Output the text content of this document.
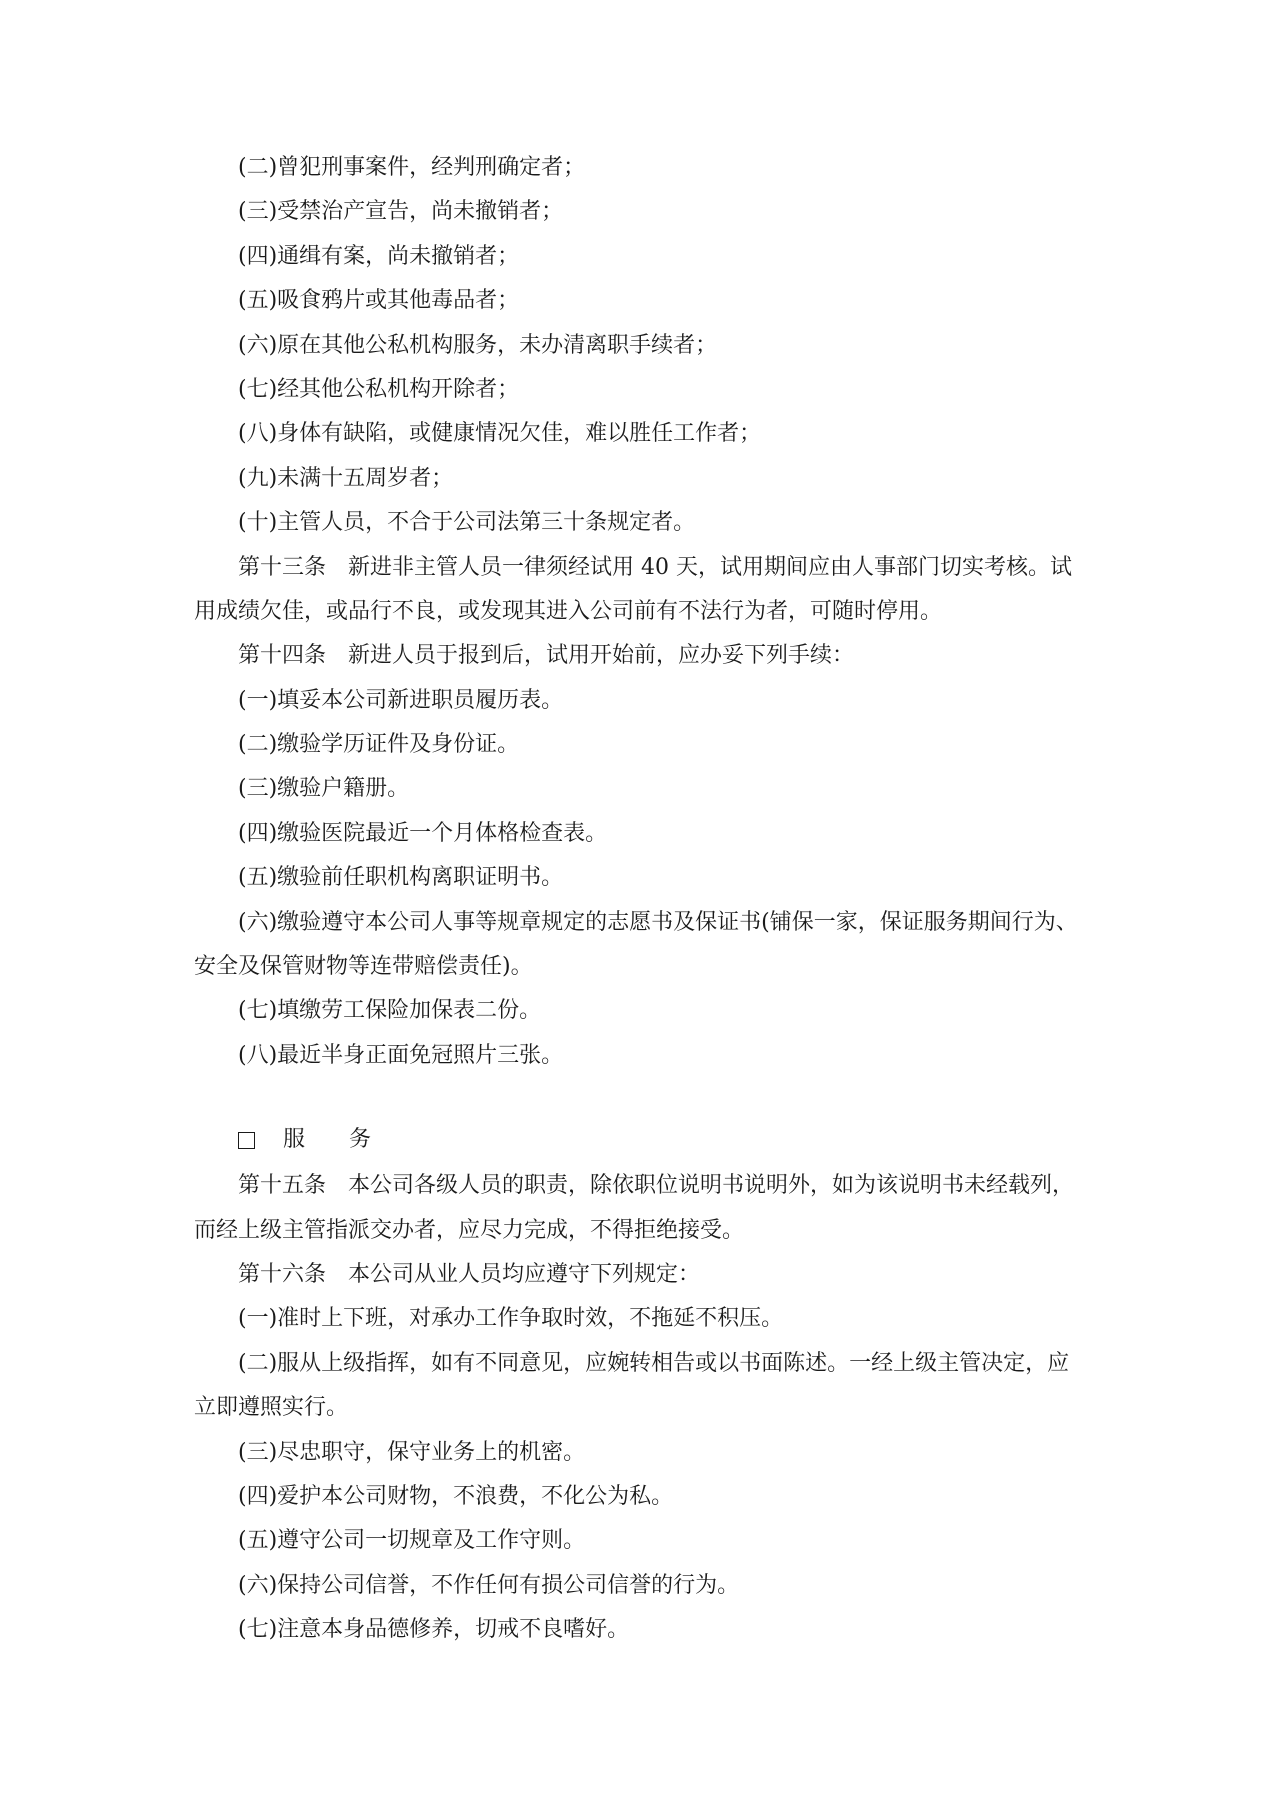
(二)曾犯刑事案件，经判刑确定者；
(三)受禁治产宣告，尚未撤销者；
(四)通缉有案，尚未撤销者；
(五)吸食鸦片或其他毒品者；
(六)原在其他公私机构服务，未办清离职手续者；
(七)经其他公私机构开除者；
(八)身体有缺陷，或健康情况欠佳，难以胜任工作者；
(九)未满十五周岁者；
(十)主管人员，不合于公司法第三十条规定者。
第十三条　新进非主管人员一律须经试用 40 天，试用期间应由人事部门切实考核。试
用成绩欠佳，或品行不良，或发现其进入公司前有不法行为者，可随时停用。
第十四条　新进人员于报到后，试用开始前，应办妥下列手续：
(一)填妥本公司新进职员履历表。
(二)缴验学历证件及身份证。
(三)缴验户籍册。
(四)缴验医院最近一个月体格检查表。
(五)缴验前任职机构离职证明书。
(六)缴验遵守本公司人事等规章规定的志愿书及保证书(铺保一家，保证服务期间行为、
安全及保管财物等连带赔偿责任)。
(七)填缴劳工保险加保表二份。
(八)最近半身正面免冠照片三张。
服务
第十五条　本公司各级人员的职责，除依职位说明书说明外，如为该说明书未经载列，
而经上级主管指派交办者，应尽力完成，不得拒绝接受。
第十六条　本公司从业人员均应遵守下列规定：
(一)准时上下班，对承办工作争取时效，不拖延不积压。
(二)服从上级指挥，如有不同意见，应婉转相告或以书面陈述。一经上级主管决定，应
立即遵照实行。
(三)尽忠职守，保守业务上的机密。
(四)爱护本公司财物，不浪费，不化公为私。
(五)遵守公司一切规章及工作守则。
(六)保持公司信誉，不作任何有损公司信誉的行为。
(七)注意本身品德修养，切戒不良嗜好。
